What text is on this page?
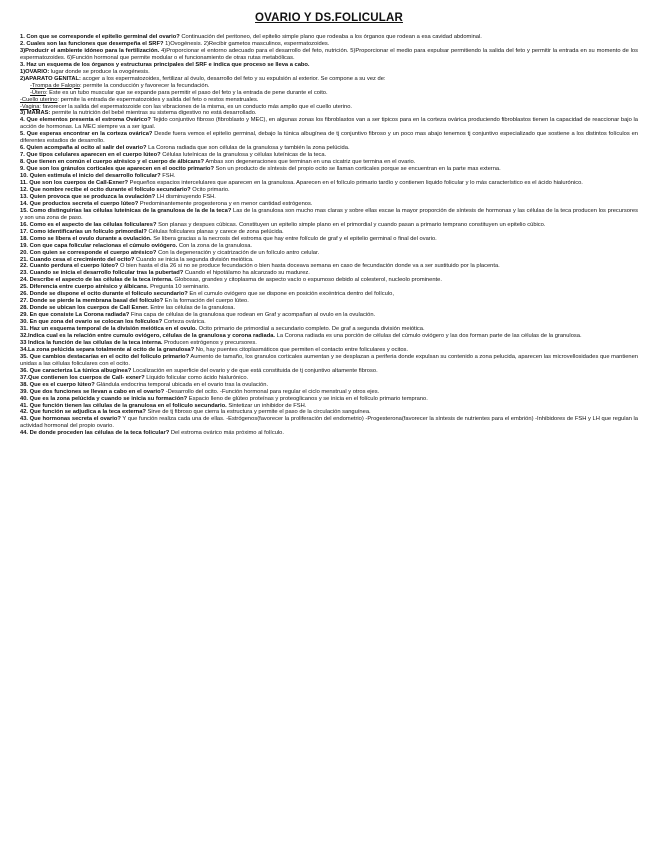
OVARIO Y DS.FOLICULAR

1. Con que se corresponde el epitelio germinal del ovario? Continuación del peritoneo, del epitelio simple plano que rodeaba a los órganos que rodean a esa cavidad abdominal.

2. Cuales son las funciones que desempeña el SRF? 1)Ovogénesis. 2)Recibir gametos masculinos, espermatozoides.

3)Producir el ambiente idóneo para la fertilización. 4)Proporcionar el entorno adecuado para el desarrollo del feto, nutrición. 5)Proporcionar el medio para expulsar permitiendo la salida del feto y permitir la entrada en su momento de los espermatozoides. 6)Función hormonal que permite modular o el funcionamiento de otras rutas metabólicas.

3. Haz un esquema de los órganos y estructuras principales del SRF e indica que proceso se lleva a cabo.

1)OVARIO: lugar donde se produce la ovogénesis.

2)APARATO GENITAL: acoger a los espermatozoides, fertilizar al óvulo, desarrollo del feto y su expulsión al exterior. Se compone a su vez de:

-Trompa de Falopio: permite la conducción y favorecer la fecundación.

-Útero: Este es un tubo muscular que se expande para permitir el paso del feto y la entrada de pene durante el coito.

-Cuello uterino: permite la entrada de espermatozoides y salida del feto o restos menstruales.

-Vagina: favorecer la salida del espermatozoide con las vibraciones de la misma, es un conducto más amplio que el cuello uterino.

3) MAMAS: permite la nutrición del bebé mientras su sistema digestivo no está desarrollado.

4. Que elementos presenta el estroma Ovárico? Tejido conjuntivo fibroso (fibroblasto y MEC), en algunas zonas los fibroblastos van a ser tipicos para en la corteza ovárica produciendo fibroblastos tienen la capacidad de reaccionar bajo la acción de hormonas. La MEC siempre va a ser igual.

5. Que esperas encontrar en la corteza ovárica? Desde fuera vemos el epitelio germinal, debajo la túnica albugínea de tj conjuntivo fibroso y un poco mas abajo tenemos tj conjuntivo especializado que sostiene a los distintos folículos en diferentes estadios de desarrollo.

6. Quien acompaña al ocito al salir del ovario? La Corona radiada que son células de la granulosa y también la zona pelúcida.

7. Que tipos celulares aparecen en el cuerpo lúteo? Células luteínicas de la granulosa y células luteínicas de la teca.

8. Que tienen en común el cuerpo atrésico y el cuerpo de álbicans? Ambas son degeneraciones que terminan en una cicatriz que termina en el ovario.

9. Que son los gránulos corticales que aparecen en el oocito primario? Son un producto de síntesis del propio ocito se llaman corticales porque se encuentran en la parte mas externa.

10. Quien estimula el inicio del desarrollo folicular? FSH.

11. Que son los cuerpos de Call-Exner? Pequeños espacios intercelulares que aparecen en la granulosa. Aparecen en el folículo primario tardío y contienen liquido folicular y lo más característico es el ácido hialurónico.

12. Que nombre recibe el ocito durante el folículo secundario? Ocito primario.

13. Quien provoca que se produzca la ovulación? LH disminuyendo FSH.

14. Que productos secreta el cuerpo lúteo? Predominantemente progesterona y en menor cantidad estrógenos.

15. Como distinguirías las células luteínicas de la granulosa de la de la teca? Las de la granulosa son mucho mas claras y sobre ellas escae la mayor proporción de síntesis de hormonas y las células de la teca producen los precursores y son una zona de paso.

16. Como es el aspecto de las células foliculares? Son planas y despues cúbicas. Constituyen un epitelio simple plano en el primordial y cuando pasan a primario temprano constituyen un epitelio cúbico.

17. Como identificarías un folículo primordial? Células foliculares planas y carece de zona pelúcida.

18. Como se libera el ovulo durante a ovulación. Se libera gracias a la necrosis del estroma que hay entre folículo de graf y el epitelio germinal o final del ovario.

19. Con que capa folicular relacionas el cúmulo oviógero. Con la zona de la granulosa.

20. Con quien se corresponde el cuerpo atrésico? Con la degeneración y cicatrización de un folículo antro celular.

21. Cuando cesa el crecimiento del ocito? Cuando se inicia la segunda división meiótica.

22. Cuanto perdura el cuerpo lúteo? O bien hasta el día 26 si no se produce fecundación o bien hasta doceava semana en caso de fecundación donde va a ser sustituido por la placenta.

23. Cuando se inicia el desarrollo folicular tras la pubertad? Cuando el hipotálamo ha alcanzado su madurez.

24. Describe el aspecto de las células de la teca interna. Globosas, grandes y citoplasma de aspecto vacío o espumoso debido al colesterol, nucleolo prominente.

25. Diferencia entre cuerpo atrésico y álbicans. Pregunta 10 seminario.

26. Donde se dispone el ocito durante el folículo secundario? En el cumulo oviógero que se dispone en posición excéntrica dentro del folículo,

27. Donde se pierde la membrana basal del folículo? En la formación del cuerpo lúteo.

28. Donde se ubican los cuerpos de Call Exner. Entre las células de la granulosa.

29. En que consiste La Corona radiada? Fina capa de células de la granulosa que rodean en Graf y acompañan al ovulo en la ovulación.

30. En que zona del ovario se colocan los folículos? Corteza ovárica.

31. Haz un esquema temporal de la división meiótica en el ovulo. Ocito primario de primordial a secundario completo. De graf a segunda división meiótica.

32.Indica cual es la relación entre cumulo oviógero, células de la granulosa y corona radiada. La Corona radiada es una porción de células del cúmulo oviógero y las dos forman parte de las células de la granulosa.

33 Indica la función de las células de la teca interna. Producen estrógenos y precursores.

34.La zona pelúcida separa totalmente al ocito de la granulosa? No, hay puentes citoplasmáticos que permiten el contacto entre foliculares y ocitos.

35. Que cambios destacarías en el ocito del folículo primario? Aumento de tamaño, los granulos corticales aumentan y se desplazan a periferia donde expulsan su contenido a zona pelucida, aparecen las microvellosidades que mantienen unidas a las células foliculares con el ocito.

36. Que caracteriza La túnica albugínea? Localización en superficie del ovario y de que está constituida de tj conjuntivo altamente fibroso.

37.Que contienen los cuerpos de Call- exner? Liquido folicular como ácido hialurónico.

38. Que es el cuerpo lúteo? Glándula endocrina temporal ubicada en el ovario tras la ovulación.

39. Que dos funciones se llevan a cabo en el ovario? -Desarrollo del ocito. -Función hormonal para regular el ciclo menstrual y otros ejes.

40. Que es la zona pelúcida y cuando se inicia su formación? Espacio lleno de glúteo proteínas y proteoglicanos y se inicia en el folículo primario temprano.

41. Que función tienen las células de la granulosa en el folículo secundario. Sintetizar un inhibidor de FSH.

42. Que función se adjudica a la teca externa? Sirve de tj fibroso que cierra la estructura y permite el paso de la circulación sanguínea.

43. Que hormonas secreta el ovario? Y que función realiza cada una de ellas. -Estrógenos(favorecer la proliferación del endometrio) -Progesterona(favorecer la síntesis de nutrientes para el embrión) -Inhibidores de FSH y LH que regulan la actividad hormonal del propio ovario.

44. De donde proceden las células de la teca folicular? Del estroma ovárico más próximo al folículo.
